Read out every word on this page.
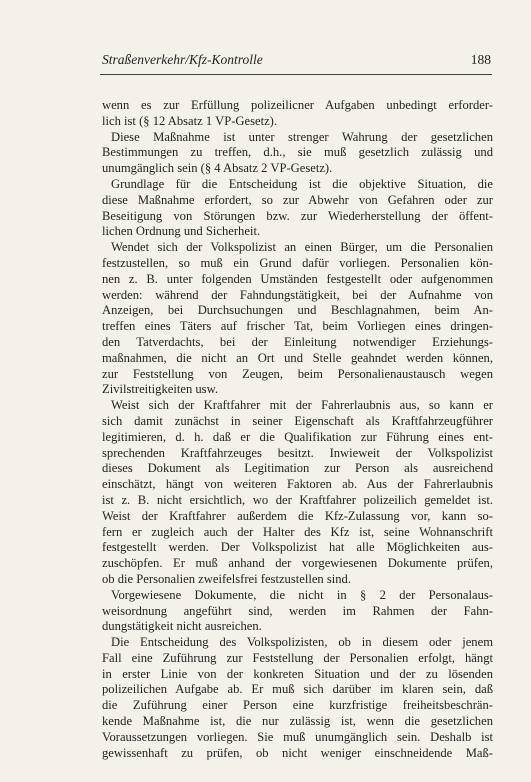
Straßenverkehr/Kfz-Kontrolle	188
wenn es zur Erfüllung polizeilicner Aufgaben unbedingt erforder-
lich ist (§ 12 Absatz 1 VP-Gesetz).
Diese Maßnahme ist unter strenger Wahrung der gesetzlichen
Bestimmungen zu treffen, d.h., sie muß gesetzlich zulässig und
unumgänglich sein (§ 4 Absatz 2 VP-Gesetz).
Grundlage für die Entscheidung ist die objektive Situation, die
diese Maßnahme erfordert, so zur Abwehr von Gefahren oder zur
Beseitigung von Störungen bzw. zur Wiederherstellung der öffent-
lichen Ordnung und Sicherheit.
Wendet sich der Volkspolizist an einen Bürger, um die Personalien
festzustellen, so muß ein Grund dafür vorliegen. Personalien kön-
nen z. B. unter folgenden Umständen festgestellt oder aufgenommen
werden: während der Fahndungstätigkeit, bei der Aufnahme von
Anzeigen, bei Durchsuchungen und Beschlagnahmen, beim An-
treffen eines Täters auf frischer Tat, beim Vorliegen eines dringen-
den Tatverdachts, bei der Einleitung notwendiger Erziehungs-
maßnahmen, die nicht an Ort und Stelle geahndet werden können,
zur Feststellung von Zeugen, beim Personalienaustausch wegen
Zivilstreitigkeiten usw.
Weist sich der Kraftfahrer mit der Fahrerlaubnis aus, so kann er
sich damit zunächst in seiner Eigenschaft als Kraftfahrzeugführer
legitimieren, d. h. daß er die Qualifikation zur Führung eines ent-
sprechenden Kraftfahrzeuges besitzt. Inwieweit der Volkspolizist
dieses Dokument als Legitimation zur Person als ausreichend
einschätzt, hängt von weiteren Faktoren ab. Aus der Fahrerlaubnis
ist z. B. nicht ersichtlich, wo der Kraftfahrer polizeilich gemeldet ist.
Weist der Kraftfahrer außerdem die Kfz-Zulassung vor, kann so-
fern er zugleich auch der Halter des Kfz ist, seine Wohnanschrift
festgestellt werden. Der Volkspolizist hat alle Möglichkeiten aus-
zuschöpfen. Er muß anhand der vorgewiesenen Dokumente prüfen,
ob die Personalien zweifelsfrei festzustellen sind.
Vorgewiesene Dokumente, die nicht in § 2 der Personalaus-
weisordnung angeführt sind, werden im Rahmen der Fahn-
dungstätigkeit nicht ausreichen.
Die Entscheidung des Volkspolizisten, ob in diesem oder jenem
Fall eine Zuführung zur Feststellung der Personalien erfolgt, hängt
in erster Linie von der konkreten Situation und der zu lösenden
polizeilichen Aufgabe ab. Er muß sich darüber im klaren sein, daß
die Zuführung einer Person eine kurzfristige freiheitsbeschrän-
kende Maßnahme ist, die nur zulässig ist, wenn die gesetzlichen
Voraussetzungen vorliegen. Sie muß unumgänglich sein. Deshalb ist
gewissenhaft zu prüfen, ob nicht weniger einschneidende Maß-
